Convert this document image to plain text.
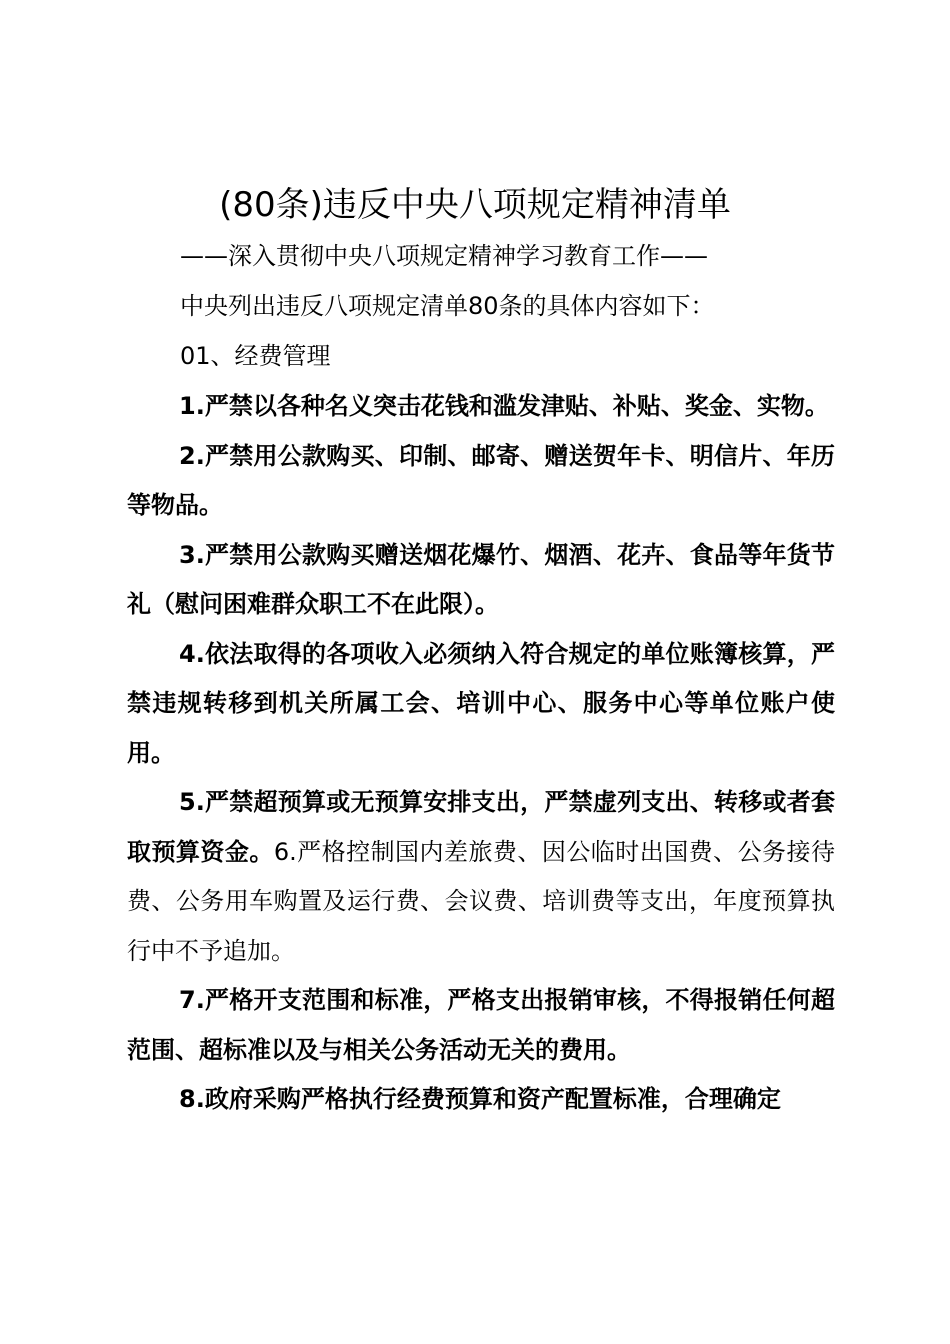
(80条)违反中央八项规定精神清单
——深入贯彻中央八项规定精神学习教育工作——
中央列出违反八项规定清单80条的具体内容如下：
01、经费管理

1.严禁以各种名义突击花钱和滥发津贴、补贴、奖金、实物。

2.严禁用公款购买、印制、邮寄、赠送贺年卡、明信片、年历等物品。

3.严禁用公款购买赠送烟花爆竹、烟酒、花卉、食品等年货节礼（慰问困难群众职工不在此限）。

4.依法取得的各项收入必须纳入符合规定的单位账簿核算，严禁违规转移到机关所属工会、培训中心、服务中心等单位账户使用。

5.严禁超预算或无预算安排支出，严禁虚列支出、转移或者套取预算资金。6.严格控制国内差旅费、因公临时出国费、公务接待费、公务用车购置及运行费、会议费、培训费等支出，年度预算执行中不予追加。

7.严格开支范围和标准，严格支出报销审核，不得报销任何超范围、超标准以及与相关公务活动无关的费用。

8.政府采购严格执行经费预算和资产配置标准，合理确定
